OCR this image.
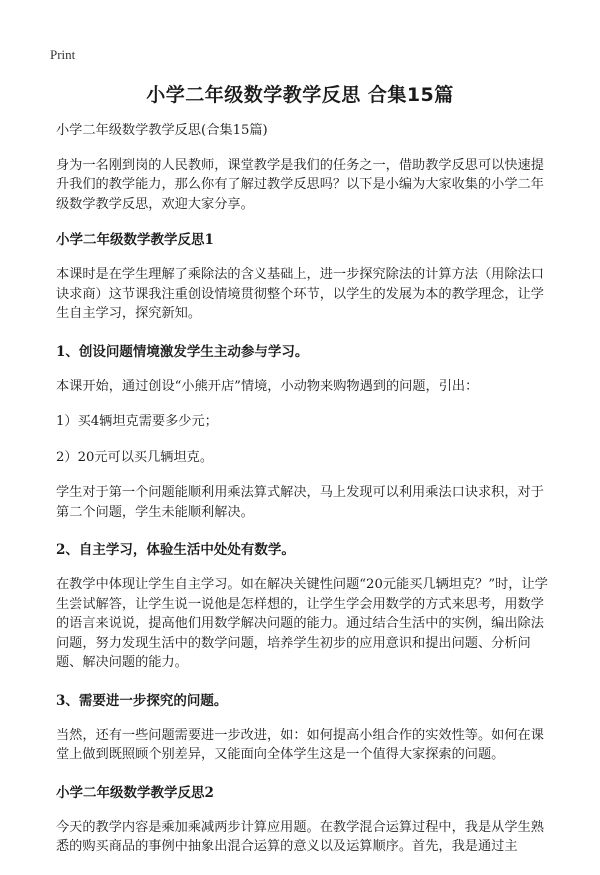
Print
小学二年级数学教学反思 合集15篇

小学二年级数学教学反思(合集15篇)

身为一名刚到岗的人民教师，课堂教学是我们的任务之一，借助教学反思可以快速提升我们的教学能力，那么你有了解过教学反思吗？以下是小编为大家收集的小学二年级数学教学反思，欢迎大家分享。

小学二年级数学教学反思1

本课时是在学生理解了乘除法的含义基础上，进一步探究除法的计算方法（用除法口诀求商）这节课我注重创设情境贯彻整个环节，以学生的发展为本的教学理念，让学生自主学习，探究新知。

1、创设问题情境激发学生主动参与学习。

本课开始，通过创设“小熊开店”情境，小动物来购物遇到的问题，引出：

1）买4辆坦克需要多少元；

2）20元可以买几辆坦克。

学生对于第一个问题能顺利用乘法算式解决，马上发现可以利用乘法口诀求积，对于第二个问题，学生未能顺利解决。

2、自主学习，体验生活中处处有数学。

在教学中体现让学生自主学习。如在解决关键性问题“20元能买几辆坦克？”时，让学生尝试解答，让学生说一说他是怎样想的，让学生学会用数学的方式来思考，用数学的语言来说说，提高他们用数学解决问题的能力。通过结合生活中的实例，编出除法问题，努力发现生活中的数学问题，培养学生初步的应用意识和提出问题、分析问题、解决问题的能力。

3、需要进一步探究的问题。

当然，还有一些问题需要进一步改进，如：如何提高小组合作的实效性等。如何在课堂上做到既照顾个别差异，又能面向全体学生这是一个值得大家探索的问题。

小学二年级数学教学反思2

今天的教学内容是乘加乘减两步计算应用题。在教学混合运算过程中，我是从学生熟悉的购买商品的事例中抽象出混合运算的意义以及运算顺序。首先，我是通过主
